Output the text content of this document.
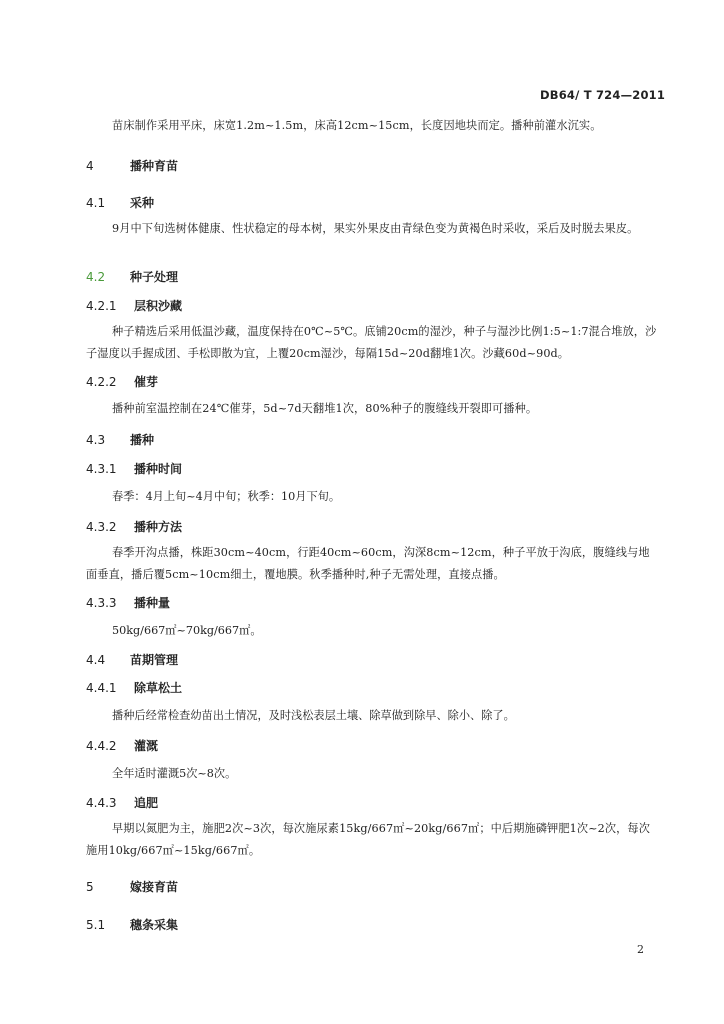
DB64/ T 724—2011
苗床制作采用平床，床宽1.2m~1.5m，床高12cm~15cm，长度因地块而定。播种前灌水沉实。
4	播种育苗
4.1 采种
9月中下旬选树体健康、性状稳定的母本树，果实外果皮由青绿色变为黄褐色时采收，采后及时脱去果皮。
4.2 种子处理
4.2.1 层积沙藏
种子精选后采用低温沙藏，温度保持在0℃~5℃。底铺20cm的湿沙，种子与湿沙比例1:5~1:7混合堆放，沙子湿度以手握成团、手松即散为宜，上覆20cm湿沙，每隔15d~20d翻堆1次。沙藏60d~90d。
4.2.2 催芽
播种前室温控制在24℃催芽，5d~7d天翻堆1次，80%种子的腹缝线开裂即可播种。
4.3 播种
4.3.1 播种时间
春季：4月上旬~4月中旬；秋季：10月下旬。
4.3.2 播种方法
春季开沟点播，株距30cm~40cm，行距40cm~60cm，沟深8cm~12cm，种子平放于沟底，腹缝线与地面垂直，播后覆5cm~10cm细土，覆地膜。秋季播种时,种子无需处理，直接点播。
4.3.3 播种量
50kg/667㎡~70kg/667㎡。
4.4 苗期管理
4.4.1 除草松土
播种后经常检查幼苗出土情况，及时浅松表层土壤、除草做到除早、除小、除了。
4.4.2 灌溉
全年适时灌溉5次~8次。
4.4.3 追肥
早期以氮肥为主，施肥2次~3次，每次施尿素15kg/667㎡~20kg/667㎡；中后期施磷钾肥1次~2次，每次施用10kg/667㎡~15kg/667㎡。
5	嫁接育苗
5.1 穗条采集
2
